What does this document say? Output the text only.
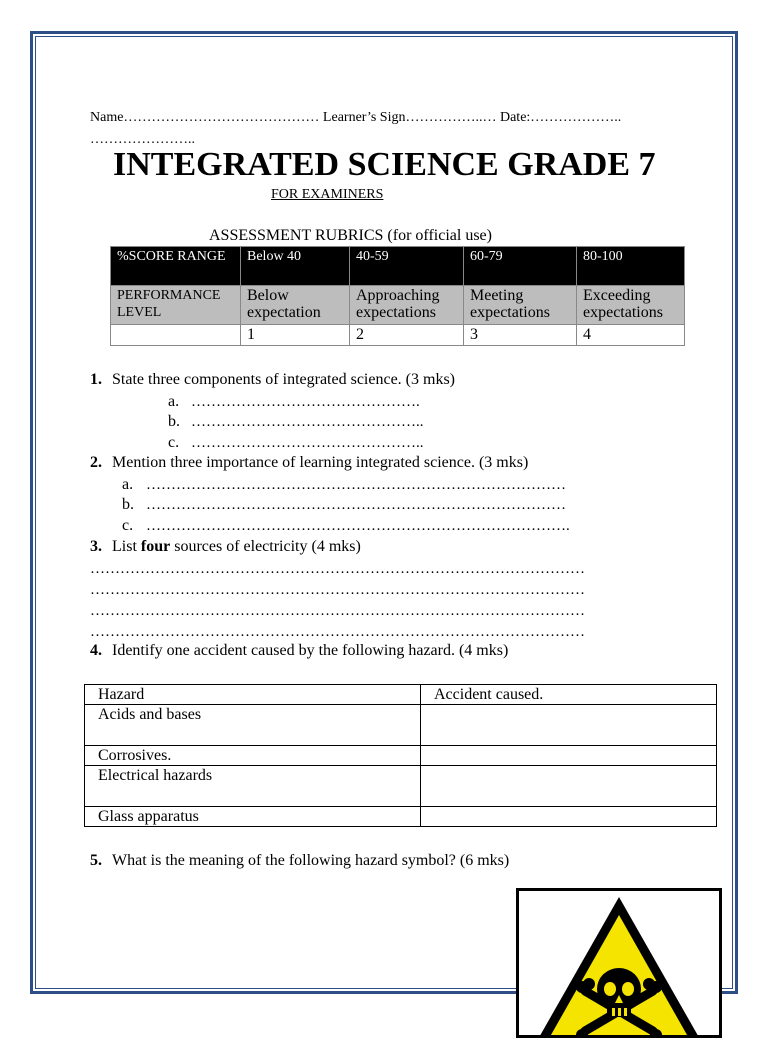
Name…………………………………… Learner’s Sign……………..… Date:………………..
…………………..
INTEGRATED SCIENCE GRADE 7
FOR EXAMINERS
ASSESSMENT RUBRICS (for official use)
%SCORE RANGE	Below 40	40-59	60-79	80-100
PERFORMANCE LEVEL	Below expectation	Approaching expectations	Meeting expectations	Exceeding expectations
	1	2	3	4
1. State three components of integrated science. (3 mks)
a. ……………………………………….
b. ………………………………………..
c. ………………………………………..
2. Mention three importance of learning integrated science. (3 mks)
a. …………………………………………………………………………
b. …………………………………………………………………………
c. ………………………………………………………………………….
3. List four sources of electricity (4 mks)
………………………………………………………………………………………
………………………………………………………………………………………
………………………………………………………………………………………
………………………………………………………………………………………
4. Identify one accident caused by the following hazard. (4 mks)
Hazard	Accident caused.
Acids and bases	
Corrosives.	
Electrical hazards	
Glass apparatus	
5. What is the meaning of the following hazard symbol? (6 mks)
